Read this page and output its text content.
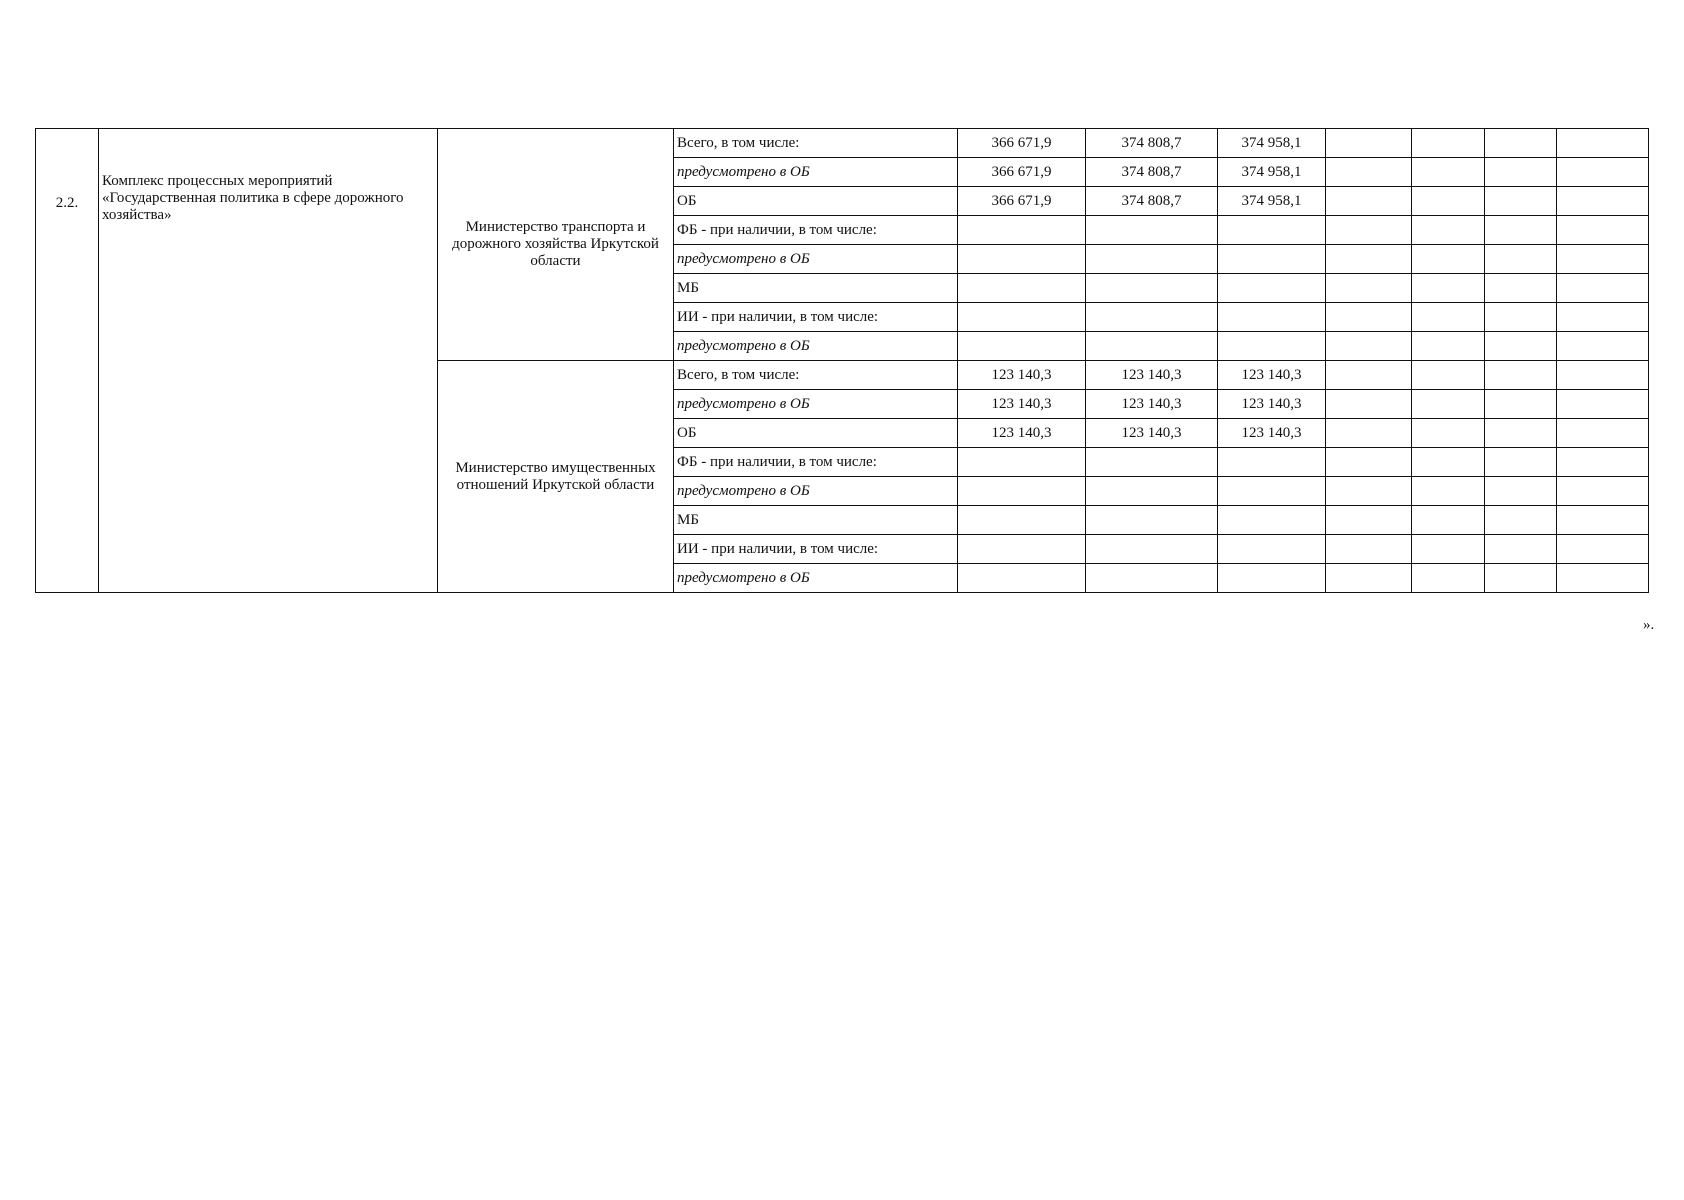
2.2.	Комплекс процессных мероприятий «Государственная политика в сфере дорожного хозяйства»	Министерство транспорта и дорожного хозяйства Иркутской области	Всего, в том числе:	366 671,9	374 808,7	374 958,1				
			предусмотрено в ОБ	366 671,9	374 808,7	374 958,1				
			ОБ	366 671,9	374 808,7	374 958,1				
			ФБ - при наличии, в том числе:							
			предусмотрено в ОБ							
			МБ							
			ИИ - при наличии, в том числе:							
			предусмотрено в ОБ							
		Министерство имущественных отношений Иркутской области	Всего, в том числе:	123 140,3	123 140,3	123 140,3				
			предусмотрено в ОБ	123 140,3	123 140,3	123 140,3				
			ОБ	123 140,3	123 140,3	123 140,3				
			ФБ - при наличии, в том числе:							
			предусмотрено в ОБ							
			МБ							
			ИИ - при наличии, в том числе:							
			предусмотрено в ОБ							
».
